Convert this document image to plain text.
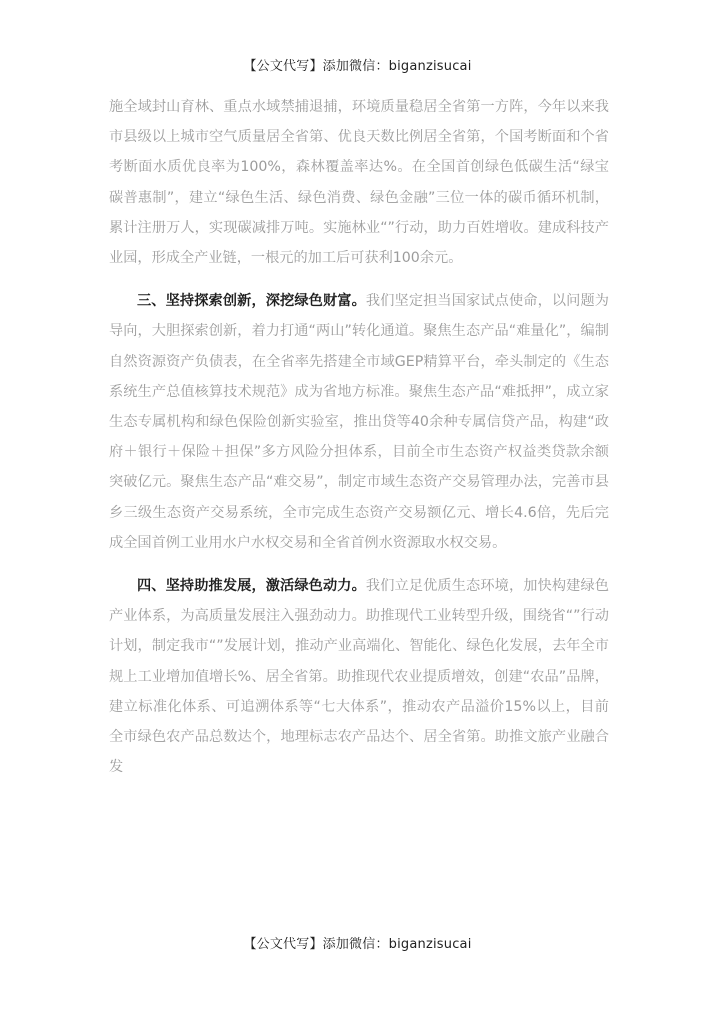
【公文代写】添加微信：biganzisucai

施全域封山育林、重点水域禁捕退捕，环境质量稳居全省第一方阵，今年以来我市县级以上城市空气质量居全省第、优良天数比例居全省第，个国考断面和个省考断面水质优良率为100%，森林覆盖率达%。在全国首创绿色低碳生活“绿宝碳普惠制”，建立“绿色生活、绿色消费、绿色金融”三位一体的碳币循环机制，累计注册万人，实现碳减排万吨。实施林业“”行动，助力百姓增收。建成科技产业园，形成全产业链，一根元的加工后可获利100余元。

三、坚持探索创新，深挖绿色财富。我们坚定担当国家试点使命，以问题为导向，大胆探索创新，着力打通“两山”转化通道。聚焦生态产品“难量化”，编制自然资源资产负债表，在全省率先搭建全市域GEP精算平台，牵头制定的《生态系统生产总值核算技术规范》成为省地方标准。聚焦生态产品“难抵押”，成立家生态专属机构和绿色保险创新实验室，推出贷等40余种专属信贷产品，构建“政府＋银行＋保险＋担保”多方风险分担体系，目前全市生态资产权益类贷款余额突破亿元。聚焦生态产品“难交易”，制定市域生态资产交易管理办法，完善市县乡三级生态资产交易系统，全市完成生态资产交易额亿元、增长4.6倍，先后完成全国首例工业用水户水权交易和全省首例水资源取水权交易。

四、坚持助推发展，激活绿色动力。我们立足优质生态环境，加快构建绿色产业体系，为高质量发展注入强劲动力。助推现代工业转型升级，围绕省“”行动计划，制定我市“”发展计划，推动产业高端化、智能化、绿色化发展，去年全市规上工业增加值增长%、居全省第。助推现代农业提质增效，创建“农品”品牌，建立标准化体系、可追溯体系等“七大体系”，推动农产品溢价15%以上，目前全市绿色农产品总数达个，地理标志农产品达个、居全省第。助推文旅产业融合发

【公文代写】添加微信：biganzisucai
